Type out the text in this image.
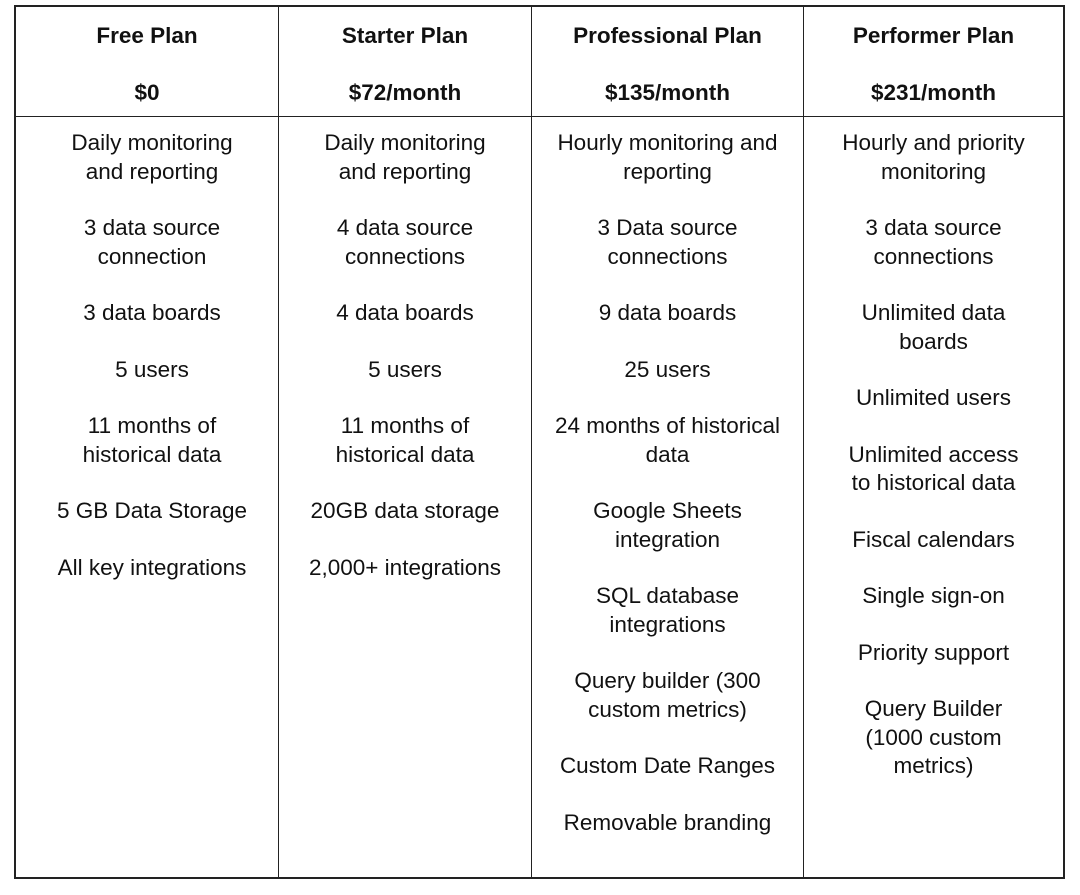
Free Plan
$0
Starter Plan
$72/month
Professional Plan
$135/month
Performer Plan
$231/month
Daily monitoring and reporting
3 data source connection
3 data boards
5 users
11 months of historical data
5 GB Data Storage
All key integrations
Daily monitoring and reporting
4 data source connections
4 data boards
5 users
11 months of historical data
20GB data storage
2,000+ integrations
Hourly monitoring and reporting
3 Data source connections
9 data boards
25 users
24 months of historical data
Google Sheets integration
SQL database integrations
Query builder (300 custom metrics)
Custom Date Ranges
Removable branding
Hourly and priority monitoring
3 data source connections
Unlimited data boards
Unlimited users
Unlimited access to historical data
Fiscal calendars
Single sign-on
Priority support
Query Builder (1000 custom metrics)
